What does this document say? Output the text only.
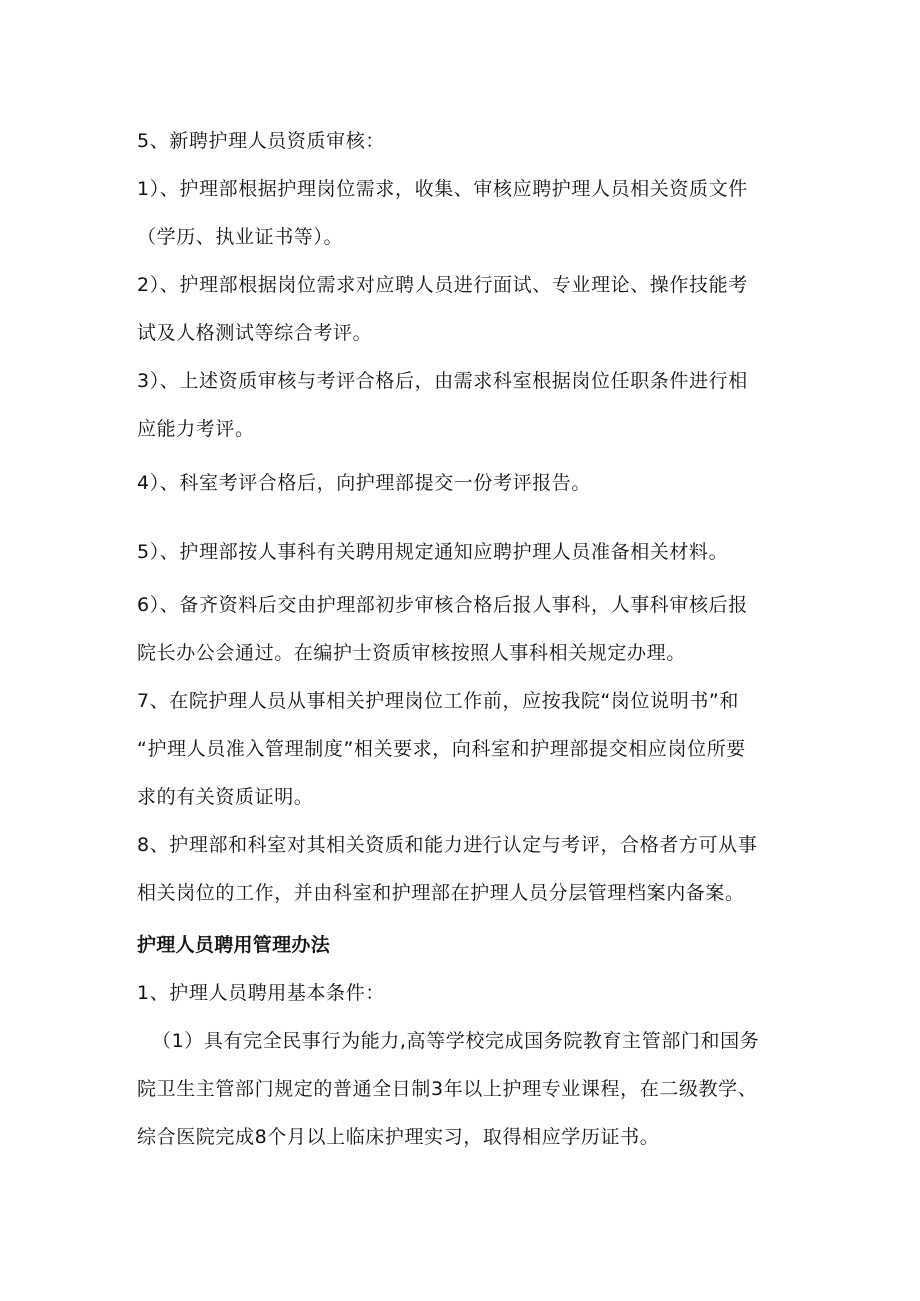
5、新聘护理人员资质审核：
1）、护理部根据护理岗位需求，收集、审核应聘护理人员相关资质文件
（学历、执业证书等）。
2）、护理部根据岗位需求对应聘人员进行面试、专业理论、操作技能考
试及人格测试等综合考评。
3）、上述资质审核与考评合格后，由需求科室根据岗位任职条件进行相
应能力考评。
4）、科室考评合格后，向护理部提交一份考评报告。
5）、护理部按人事科有关聘用规定通知应聘护理人员准备相关材料。
6）、备齐资料后交由护理部初步审核合格后报人事科，人事科审核后报
院长办公会通过。在编护士资质审核按照人事科相关规定办理。
7、在院护理人员从事相关护理岗位工作前，应按我院“岗位说明书”和
“护理人员准入管理制度”相关要求，向科室和护理部提交相应岗位所要
求的有关资质证明。
8、护理部和科室对其相关资质和能力进行认定与考评，合格者方可从事
相关岗位的工作，并由科室和护理部在护理人员分层管理档案内备案。
护理人员聘用管理办法
1、护理人员聘用基本条件：
（1）具有完全民事行为能力,高等学校完成国务院教育主管部门和国务
院卫生主管部门规定的普通全日制3年以上护理专业课程，在二级教学、
综合医院完成8个月以上临床护理实习，取得相应学历证书。
